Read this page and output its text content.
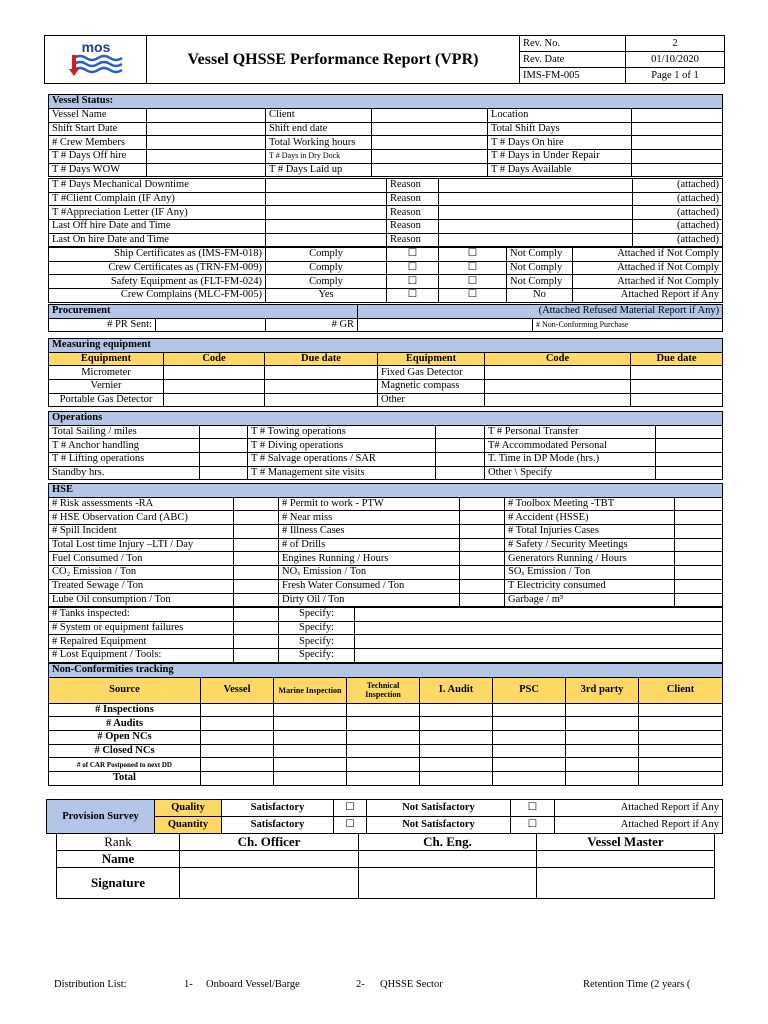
mos	Vessel QHSSE Performance Report (VPR)	Rev. No.	2
		Rev. Date	01/10/2020
		IMS-FM-005	Page 1 of 1
Vessel Status:
Vessel Name		Client		Location	
Shift Start Date		Shift end date		Total Shift Days	
# Crew Members		Total Working hours		T # Days On hire	
T # Days Off hire		T # Days in Dry Dock		T # Days in Under Repair	
T # Days WOW		T # Days Laid up		T # Days Available	
T # Days Mechanical Downtime		Reason		(attached)
T #Client Complain (IF Any)		Reason		(attached)
T #Appreciation Letter (IF Any)		Reason		(attached)
Last Off hire Date and Time		Reason		(attached)
Last On hire Date and Time		Reason		(attached)
Ship Certificates as (IMS-FM-018)	Comply	☐	☐	Not Comply	Attached if Not Comply
Crew Certificates as (TRN-FM-009)	Comply	☐	☐	Not Comply	Attached if Not Comply
Safety Equipment as (FLT-FM-024)	Comply	☐	☐	Not Comply	Attached if Not Comply
Crew Complains (MLC-FM-005)	Yes	☐	☐	No	Attached Report if Any
Procurement			(Attached Refused Material Report if Any)	
# PR Sent:		# GR		# Non-Conforming Purchase
Measuring equipment					
Equipment	Code	Due date	Equipment	Code	Due date
Micrometer			Fixed Gas Detector		
Vernier			Magnetic compass		
Portable Gas Detector			Other		
Operations					
Total Sailing / miles		T # Towing operations		T # Personal Transfer	
T # Anchor handling		T # Diving operations		T# Accommodated Personal	
T # Lifting operations		T # Salvage operations / SAR		T. Time in DP Mode (hrs.)	
Standby hrs.		T # Management site visits		Other \ Specify	
HSE					
# Risk assessments -RA		# Permit to work - PTW		# Toolbox Meeting -TBT	
# HSE Observation Card (ABC)		# Near miss		# Accident (HSSE)	
# Spill Incident		# Illness Cases		# Total Injuries Cases	
Total Lost time Injury –LTI / Day		# of Drills		# Safety / Security Meetings	
Fuel Consumed / Ton		Engines Running / Hours		Generators Running / Hours	
CO₂ Emission / Ton		NOₓ Emission / Ton		SOₓ Emission / Ton	
Treated Sewage / Ton		Fresh Water Consumed / Ton		T Electricity consumed	
Lube Oil consumption / Ton		Dirty Oil / Ton		Garbage / m³	
# Tanks inspected:		Specify:	
# System or equipment failures		Specify:	
# Repaired Equipment		Specify:	
# Lost Equipment / Tools:		Specify:	
Non-Conformities tracking							
Source	Vessel	Marine Inspection	Technical Inspection	I. Audit	PSC	3rd party	Client
# Inspections							
# Audits							
# Open NCs							
# Closed NCs							
# of CAR Postponed to next DD							
Total							
Provision Survey	Quality	Satisfactory	☐	Not Satisfactory	☐	Attached Report if Any
	Quantity	Satisfactory	☐	Not Satisfactory	☐	Attached Report if Any
Rank	Ch. Officer	Ch. Eng.	Vessel Master
Name			
Signature			
Distribution List:	1- Onboard Vessel/Barge	2- QHSSE Sector	Retention Time (2 years (
